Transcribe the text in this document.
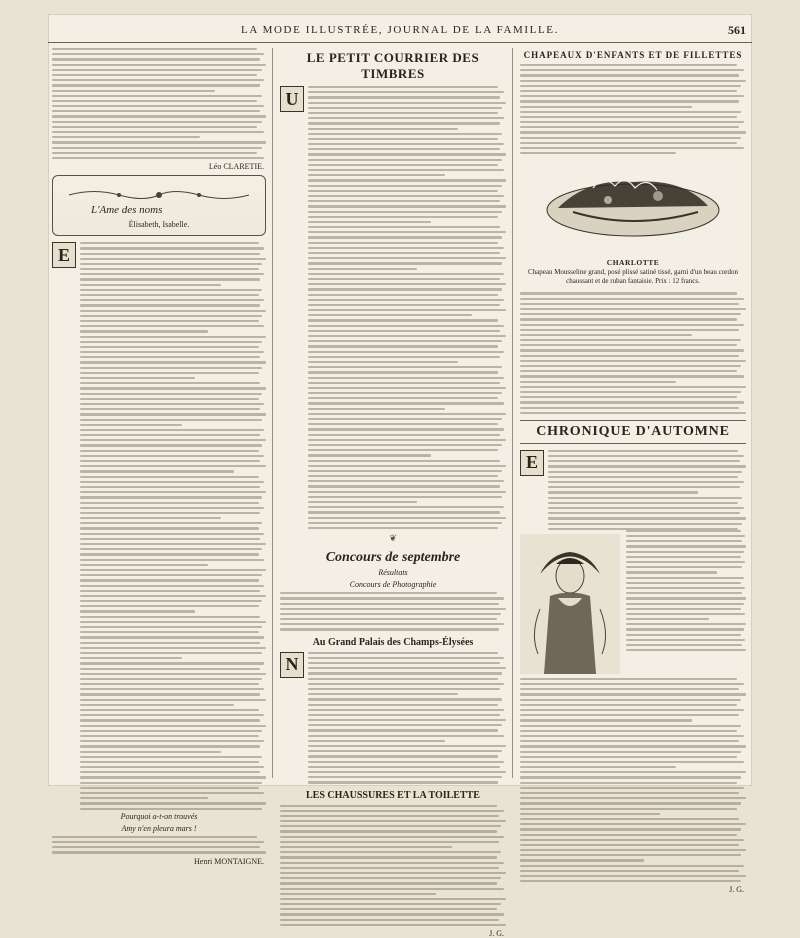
LA MODE ILLUSTRÉE, JOURNAL DE LA FAMILLE.	561
Léo CLARETIE.
L'Ame des noms
Élisabeth, Isabelle.
E
Pourquoi a-t-on trouvés
Amy n'en pleura mars !
Henri MONTAIGNE.
LE PETIT COURRIER DES TIMBRES
U
❦
Concours de septembre
Résultats
Concours de Photographie
Au Grand Palais des Champs-Élysées
N
LES CHAUSSURES ET LA TOILETTE
J. G.
CHAPEAUX D'ENFANTS ET DE FILLETTES
CHARLOTTE
Chapeau Mousseline grand, posé plissé satiné tissé, garni d'un beau cordon chaussant et de ruban fantaisie. Prix : 12 francs.
CHRONIQUE D'AUTOMNE
E
J. G.
